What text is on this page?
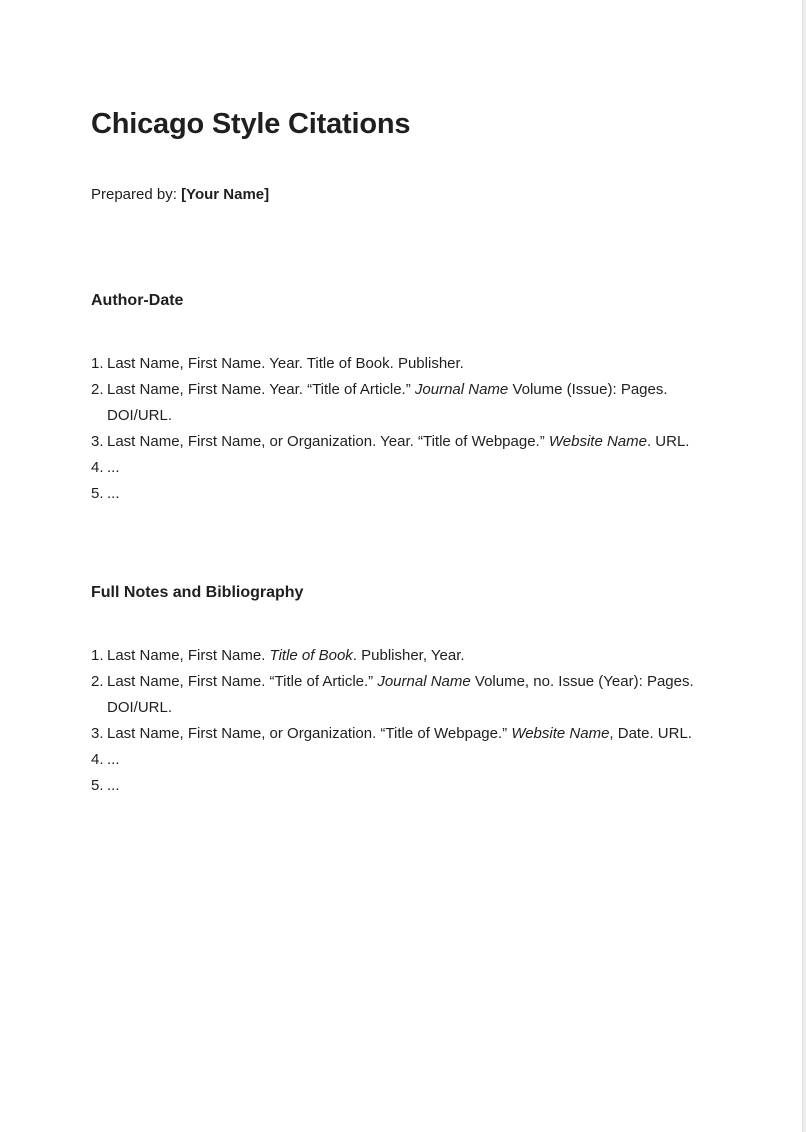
Chicago Style Citations
Prepared by: [Your Name]
Author-Date
1. Last Name, First Name. Year. Title of Book. Publisher.
2. Last Name, First Name. Year. “Title of Article.” Journal Name Volume (Issue): Pages. DOI/URL.
3. Last Name, First Name, or Organization. Year. “Title of Webpage.” Website Name. URL.
4. ...
5. ...
Full Notes and Bibliography
1. Last Name, First Name. Title of Book. Publisher, Year.
2. Last Name, First Name. “Title of Article.” Journal Name Volume, no. Issue (Year): Pages. DOI/URL.
3. Last Name, First Name, or Organization. “Title of Webpage.” Website Name, Date. URL.
4. ...
5. ...
